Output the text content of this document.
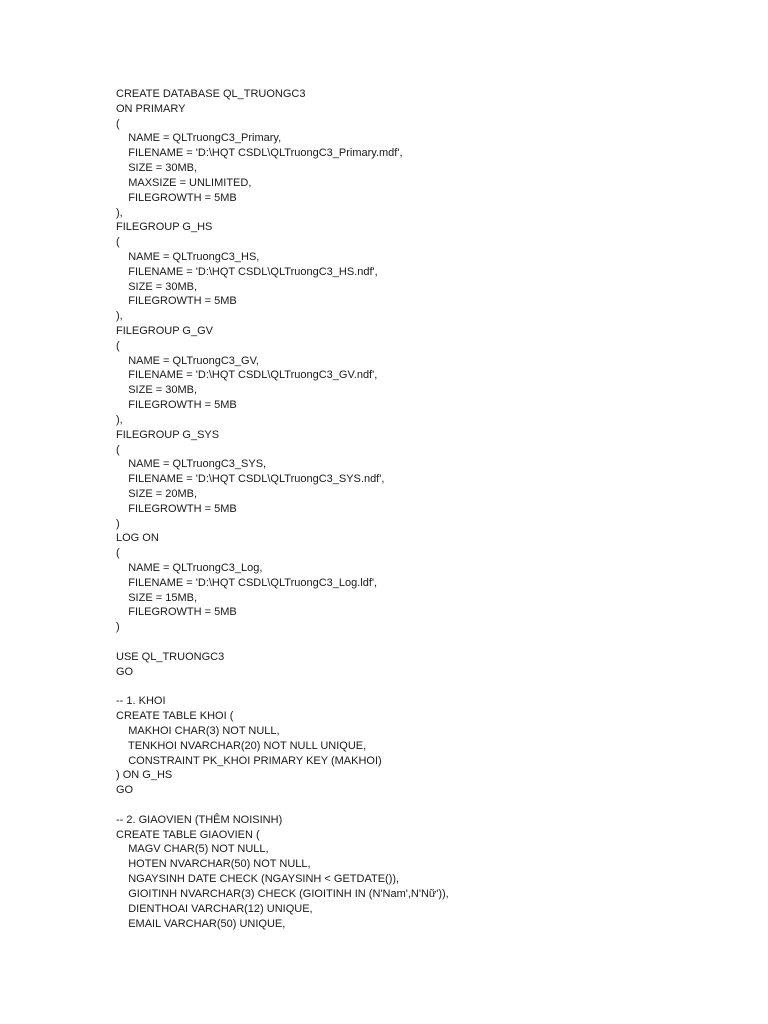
CREATE DATABASE QL_TRUONGC3
ON PRIMARY
(
NAME = QLTruongC3_Primary,
FILENAME = 'D:\HQT CSDL\QLTruongC3_Primary.mdf',
SIZE = 30MB,
MAXSIZE = UNLIMITED,
FILEGROWTH = 5MB
),
FILEGROUP G_HS
(
NAME = QLTruongC3_HS,
FILENAME = 'D:\HQT CSDL\QLTruongC3_HS.ndf',
SIZE = 30MB,
FILEGROWTH = 5MB
),
FILEGROUP G_GV
(
NAME = QLTruongC3_GV,
FILENAME = 'D:\HQT CSDL\QLTruongC3_GV.ndf',
SIZE = 30MB,
FILEGROWTH = 5MB
),
FILEGROUP G_SYS
(
NAME = QLTruongC3_SYS,
FILENAME = 'D:\HQT CSDL\QLTruongC3_SYS.ndf',
SIZE = 20MB,
FILEGROWTH = 5MB
)
LOG ON
(
NAME = QLTruongC3_Log,
FILENAME = 'D:\HQT CSDL\QLTruongC3_Log.ldf',
SIZE = 15MB,
FILEGROWTH = 5MB
)
USE QL_TRUONGC3
GO
-- 1. KHOI
CREATE TABLE KHOI (
MAKHOI CHAR(3) NOT NULL,
TENKHOI NVARCHAR(20) NOT NULL UNIQUE,
CONSTRAINT PK_KHOI PRIMARY KEY (MAKHOI)
) ON G_HS
GO
-- 2. GIAOVIEN (THÊM NOISINH)
CREATE TABLE GIAOVIEN (
MAGV CHAR(5) NOT NULL,
HOTEN NVARCHAR(50) NOT NULL,
NGAYSINH DATE CHECK (NGAYSINH < GETDATE()),
GIOITINH NVARCHAR(3) CHECK (GIOITINH IN (N'Nam',N'Nữ')),
DIENTHOAI VARCHAR(12) UNIQUE,
EMAIL VARCHAR(50) UNIQUE,
